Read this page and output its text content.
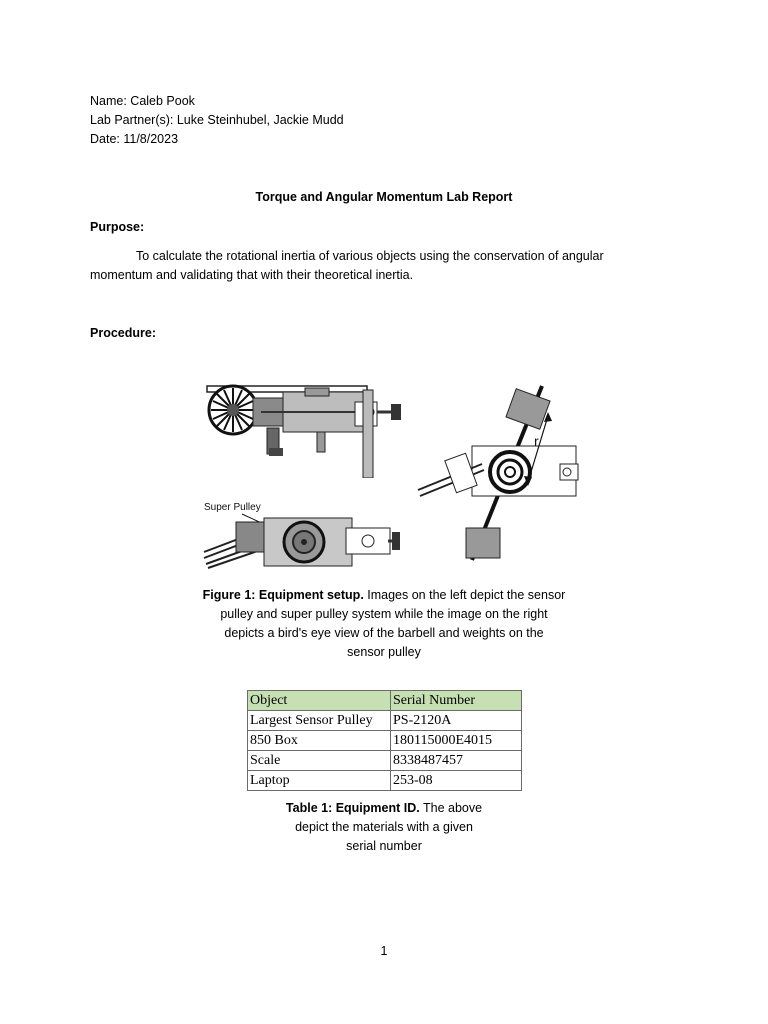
Name: Caleb Pook
Lab Partner(s): Luke Steinhubel, Jackie Mudd
Date: 11/8/2023
Torque and Angular Momentum Lab Report
Purpose:
To calculate the rotational inertia of various objects using the conservation of angular
momentum and validating that with their theoretical inertia.
Procedure:
Super Pulley
r
Figure 1: Equipment setup. Images on the left depict the sensor
pulley and super pulley system while the image on the right
depicts a bird's eye view of the barbell and weights on the
sensor pulley
Object	Serial Number
Largest Sensor Pulley	PS-2120A
850 Box	180115000E4015
Scale	8338487457
Laptop	253-08
Table 1: Equipment ID. The above
depict the materials with a given
serial number
1
